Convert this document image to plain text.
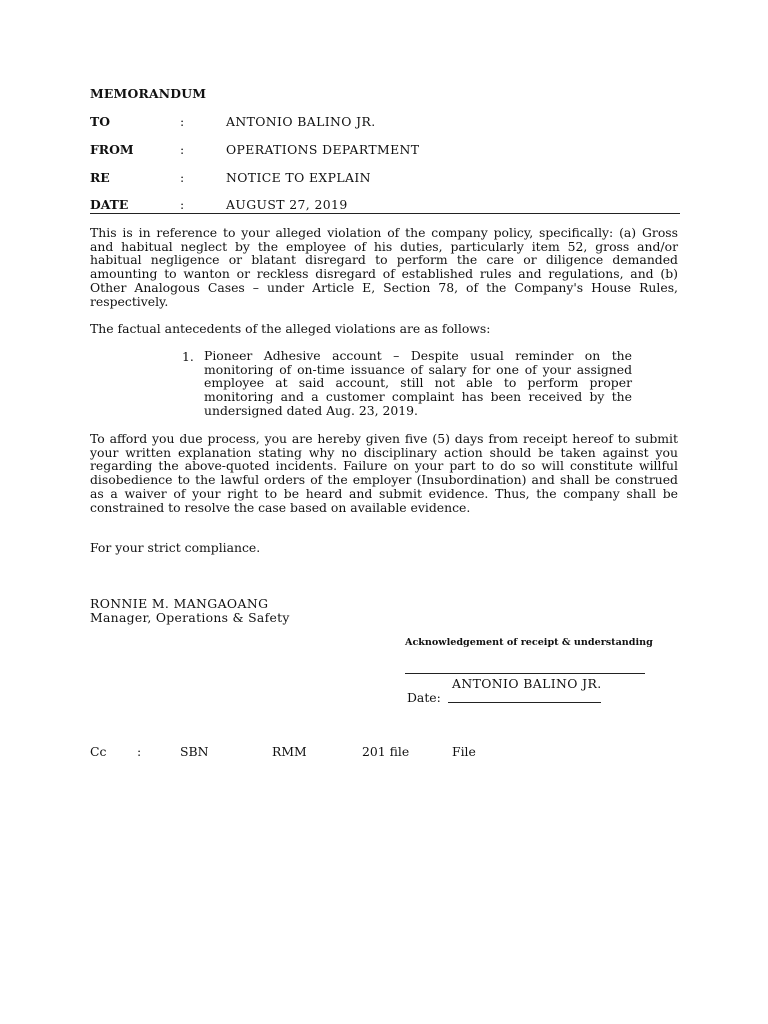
MEMORANDUM
TO	:	ANTONIO BALINO JR.
FROM	:	OPERATIONS DEPARTMENT
RE	:	NOTICE TO EXPLAIN
DATE	:	AUGUST 27, 2019

This is in reference to your alleged violation of the company policy, specifically: (a) Gross and habitual neglect by the employee of his duties, particularly item 52, gross and/or habitual negligence or blatant disregard to perform the care or diligence demanded amounting to wanton or reckless disregard of established rules and regulations, and (b) Other Analogous Cases – under Article E, Section 78, of the Company's House Rules, respectively.

The factual antecedents of the alleged violations are as follows:

1. Pioneer Adhesive account – Despite usual reminder on the monitoring of on-time issuance of salary for one of your assigned employee at said account, still not able to perform proper monitoring and a customer complaint has been received by the undersigned dated Aug. 23, 2019.

To afford you due process, you are hereby given five (5) days from receipt hereof to submit your written explanation stating why no disciplinary action should be taken against you regarding the above-quoted incidents. Failure on your part to do so will constitute willful disobedience to the lawful orders of the employer (Insubordination) and shall be construed as a waiver of your right to be heard and submit evidence. Thus, the company shall be constrained to resolve the case based on available evidence.

For your strict compliance.

RONNIE M. MANGAOANG
Manager, Operations & Safety
Acknowledgement of receipt & understanding
ANTONIO BALINO JR.
Date:
Cc :	SBN	RMM	201 file	File
